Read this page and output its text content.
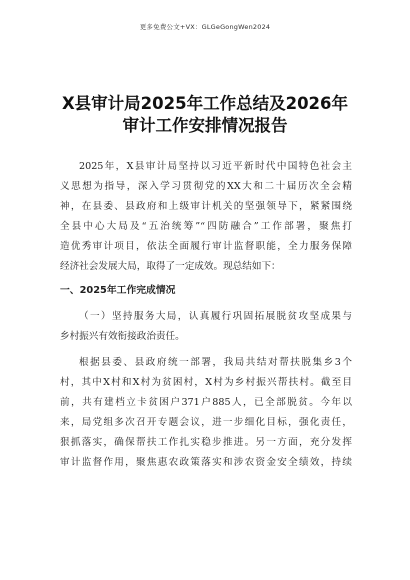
更多免费公文+VX：GLGeGongWen2024
X县审计局2025年工作总结及2026年
审计工作安排情况报告
2025年，X县审计局坚持以习近平新时代中国特色社会主
义思想为指导，深入学习贯彻党的XX大和二十届历次全会精
神，在县委、县政府和上级审计机关的坚强领导下，紧紧围绕
全县中心大局及“五治统筹”“四防融合”工作部署，聚焦打
造优秀审计项目，依法全面履行审计监督职能，全力服务保障
经济社会发展大局，取得了一定成效。现总结如下：
一、2025年工作完成情况
（一）坚持服务大局，认真履行巩固拓展脱贫攻坚成果与
乡村振兴有效衔接政治责任。
根据县委、县政府统一部署，我局共结对帮扶脱集乡3个
村，其中X村和X村为贫困村，X村为乡村振兴帮扶村。截至目
前，共有建档立卡贫困户371户885人，已全部脱贫。今年以
来，局党组多次召开专题会议，进一步细化目标，强化责任，
狠抓落实，确保帮扶工作扎实稳步推进。另一方面，充分发挥
审计监督作用，聚焦惠农政策落实和涉农资金安全绩效，持续
